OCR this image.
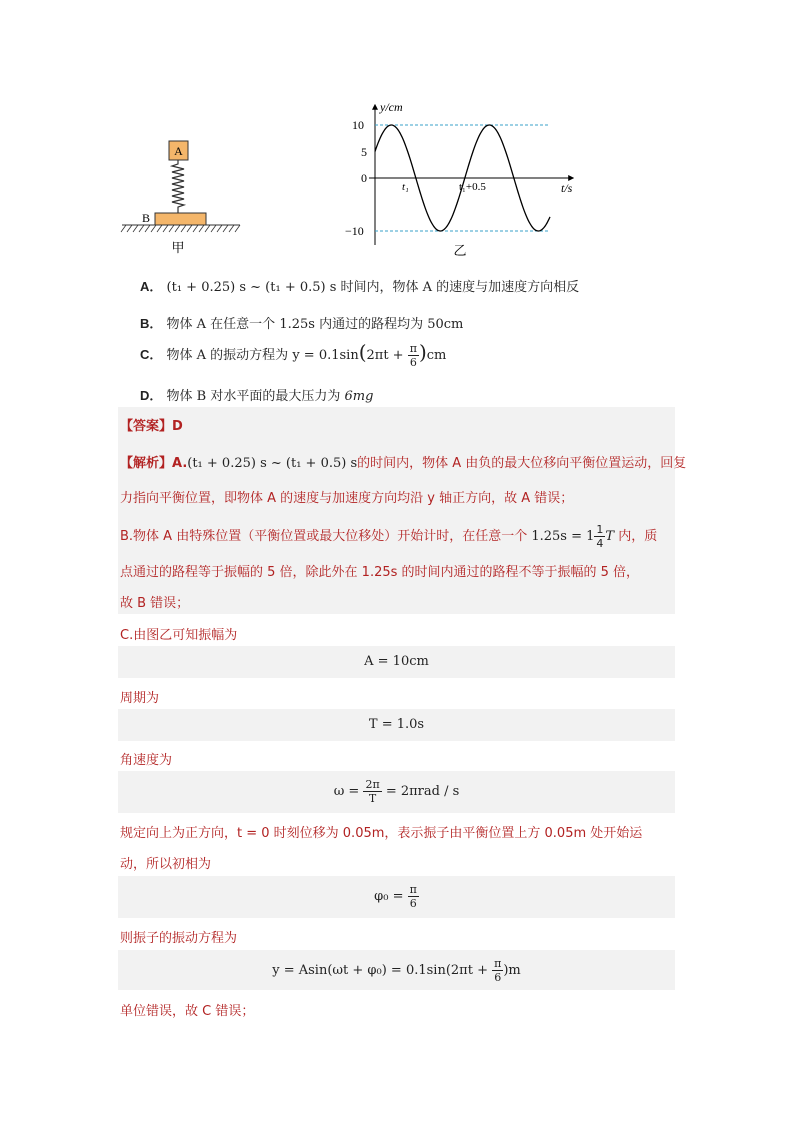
A
B
甲
y/cm
t/s
10
5
0
−10
t₁	t₁+0.5
乙
A． (t₁ + 0.25) s ~ (t₁ + 0.5) s 时间内，物体 A 的速度与加速度方向相反
B． 物体 A 在任意一个 1.25s 内通过的路程均为 50cm
C． 物体 A 的振动方程为 $y = 0.1\sin(2\pi t + \frac{\pi}{6} )cm$
D． 物体 B 对水平面的最大压力为 6mg
【答案】D
【解析】A.(t₁ + 0.25) s ~ (t₁ + 0.5) s的时间内，物体 A 由负的最大位移向平衡位置运动，回复
力指向平衡位置，即物体 A 的速度与加速度方向均沿 y 轴正方向，故 A 错误；
B.物体 A 由特殊位置（平衡位置或最大位移处）开始计时，在任意一个 $1.25s = 1 \frac{1}{4}$ T 内，质
点通过的路程等于振幅的 5 倍，除此外在 1.25s 的时间内通过的路程不等于振幅的 5 倍，
故 B 错误；
C.由图乙可知振幅为
A = 10cm
周期为
T = 1.0s
角速度为
$\omega = \frac{2\pi}{T} = 2\pi rad / s$
规定向上为正方向，t = 0 时刻位移为 0.05m，表示振子由平衡位置上方 0.05m 处开始运
动，所以初相为
$\varphi_0 = \frac{\pi}{6}$
则振子的振动方程为
$y = Asin(\omega t + \varphi_0) = 0.1\sin(2\pi t + \frac{\pi}{6} )m$
单位错误，故 C 错误；
